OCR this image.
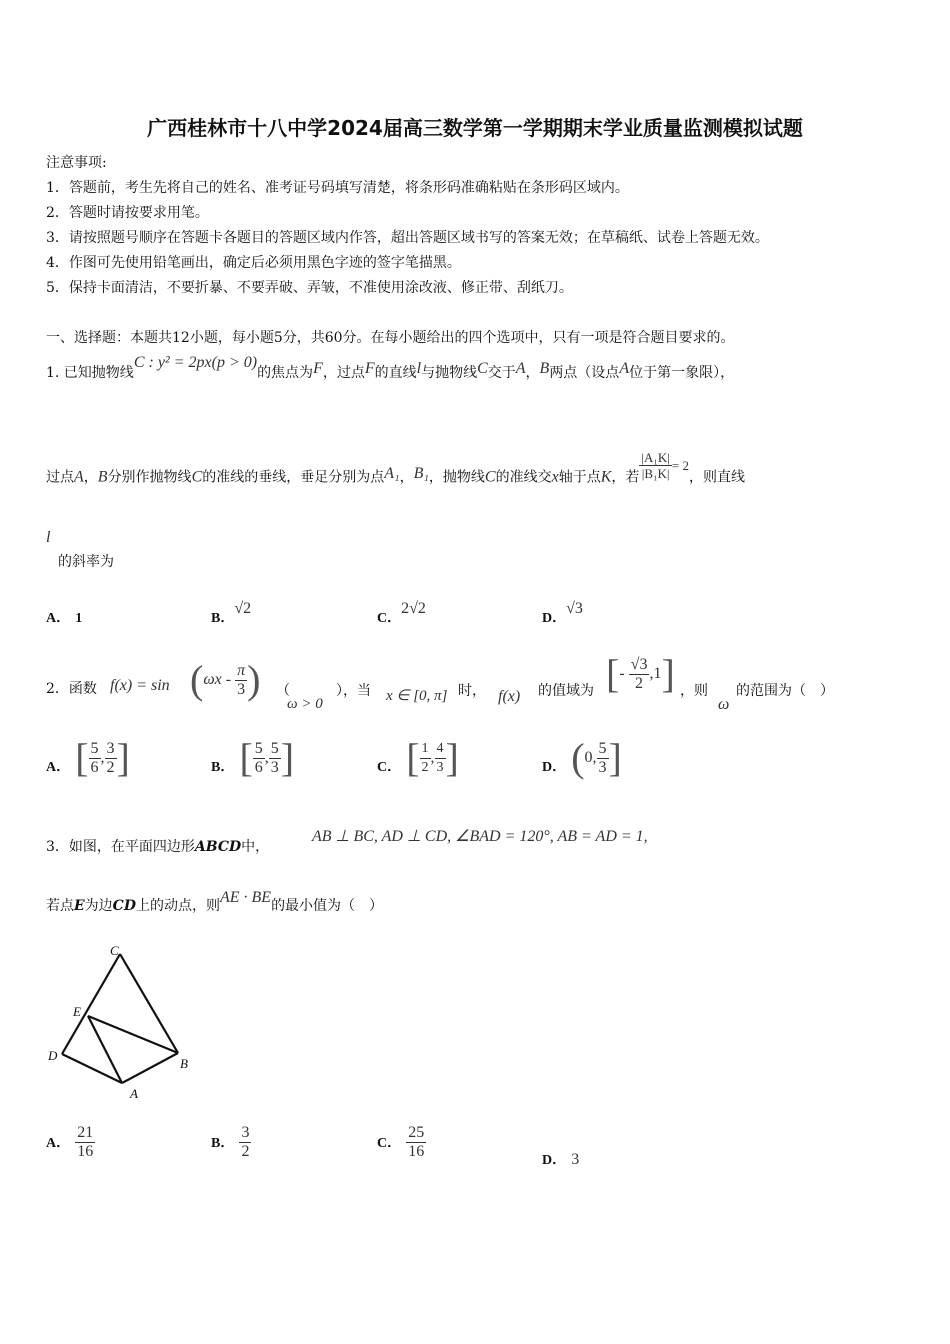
广西桂林市十八中学2024届高三数学第一学期期末学业质量监测模拟试题
注意事项:
1．答题前，考生先将自己的姓名、准考证号码填写清楚，将条形码准确粘贴在条形码区域内。
2．答题时请按要求用笔。
3．请按照题号顺序在答题卡各题目的答题区域内作答，超出答题区域书写的答案无效；在草稿纸、试卷上答题无效。
4．作图可先使用铅笔画出，确定后必须用黑色字迹的签字笔描黑。
5．保持卡面清洁，不要折暴、不要弄破、弄皱，不准使用涂改液、修正带、刮纸刀。
一、选择题：本题共12小题，每小题5分，共60分。在每小题给出的四个选项中，只有一项是符合题目要求的。
1. 已知抛物线C : y² = 2px(p > 0)的焦点为F，过点F的直线l与抛物线C交于A，B两点（设点A位于第一象限），
过点A，B分别作抛物线C的准线的垂线，垂足分别为点A₁，B₁，抛物线C的准线交x轴于点K，若 $\frac{\text{|A₁K|}}{\text{|B₁K|}} = 2$，则直线
l
的斜率为
A． 1	B．√2
C．2√2
D．√3
2．函数 f(x) = sin ( ωx -
$\frac{\pi}{3}$ ) （
ω > 0
），当 x ∈ [0, π] 时， f(x) 的值域为 [ -
$\frac{√3}{2} ,1$ ] ，则
ω
的范围为（　）
A． [ $\frac{5}{6}$ , $\frac{3}{2}$ ]	B． [ $\frac{5}{6}$ , $\frac{5}{3}$ ]	C． [ $\frac{1}{2}$ , $\frac{4}{3}$ ]	D． ( 0, $\frac{5}{3}$ ]
3．如图，在平面四边形ABCD中，
AB ⊥ BC, AD ⊥ CD, ∠BAD = 120°, AB = AD = 1,
若点E为边CD上的动点，则AE · BE的最小值为（　）
C
E
D
B
A
A． $\frac{21}{16}$	B． $\frac{3}{2}$	C． $\frac{25}{16}$	D． 3
